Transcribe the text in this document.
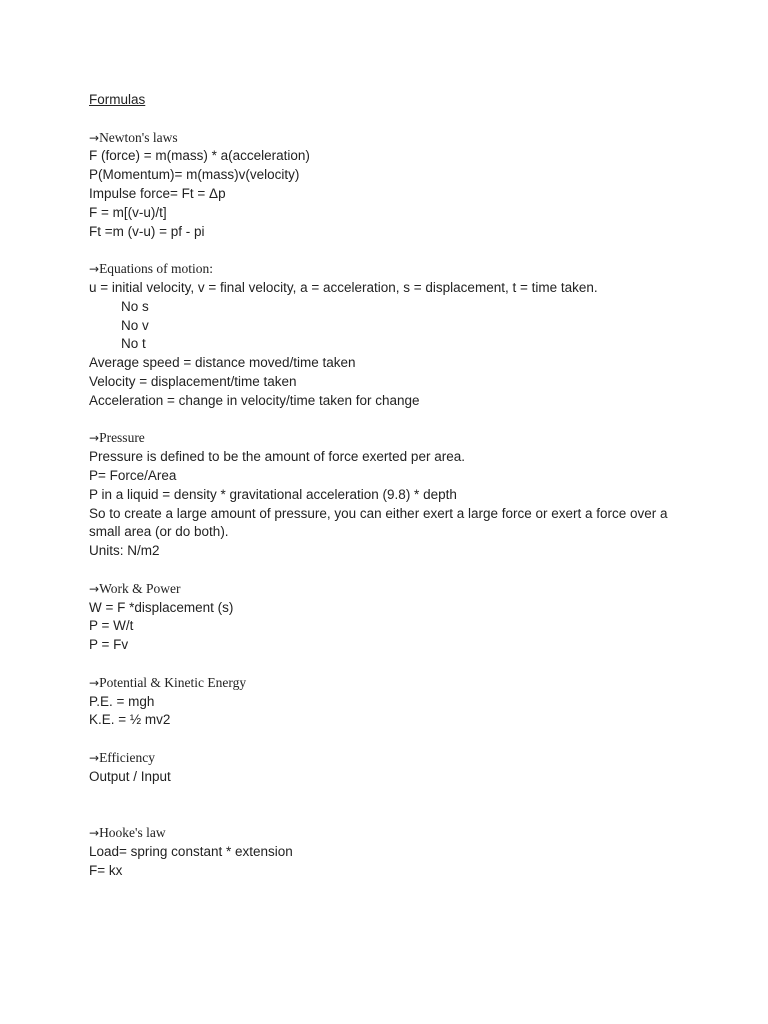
Formulas
→Newton's laws
F (force) = m(mass) * a(acceleration)
P(Momentum)= m(mass)v(velocity)
Impulse force= Ft = Δp
F = m[(v-u)/t]
Ft =m (v-u) = pf - pi
→Equations of motion:
u = initial velocity, v = final velocity, a = acceleration, s = displacement, t = time taken.
No s
No v
No t
Average speed = distance moved/time taken
Velocity = displacement/time taken
Acceleration = change in velocity/time taken for change
→Pressure
Pressure is defined to be the amount of force exerted per area.
P= Force/Area
P in a liquid = density * gravitational acceleration (9.8) * depth
So to create a large amount of pressure, you can either exert a large force or exert a force over a small area (or do both).
Units: N/m2
→Work & Power
W = F *displacement (s)
P = W/t
P = Fv
→Potential & Kinetic Energy
P.E. = mgh
K.E. = ½ mv2
→Efficiency
Output / Input
→Hooke's law
Load= spring constant * extension
F= kx
